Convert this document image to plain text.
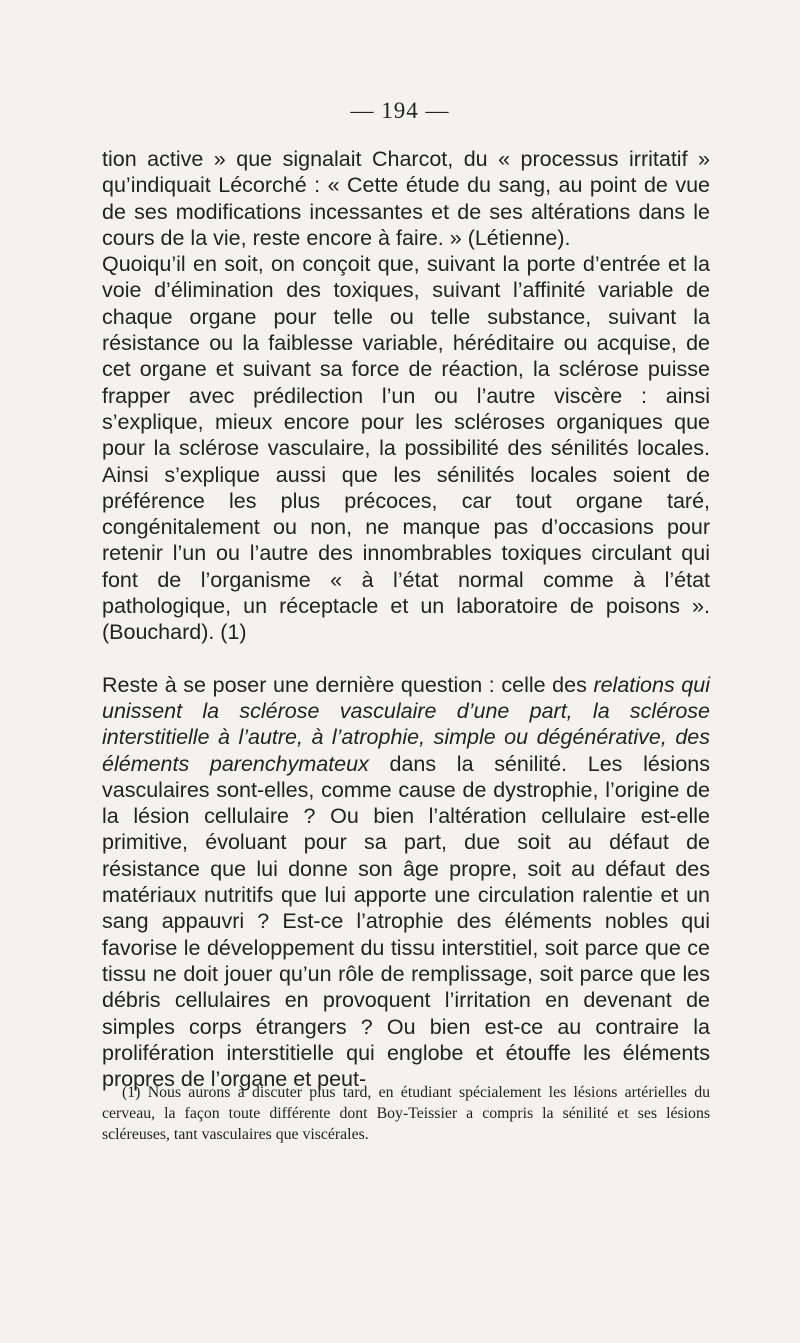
— 194 —

tion active » que signalait Charcot, du « processus irritatif » qu’indiquait Lécorché : « Cette étude du sang, au point de vue de ses modifications incessantes et de ses altérations dans le cours de la vie, reste encore à faire. » (Létienne).

Quoiqu’il en soit, on conçoit que, suivant la porte d’entrée et la voie d’élimination des toxiques, suivant l’affinité variable de chaque organe pour telle ou telle substance, suivant la résistance ou la faiblesse variable, héréditaire ou acquise, de cet organe et suivant sa force de réaction, la sclérose puisse frapper avec prédilection l’un ou l’autre viscère : ainsi s’explique, mieux encore pour les scléroses organiques que pour la sclérose vasculaire, la possibilité des sénilités locales. Ainsi s’explique aussi que les sénilités locales soient de préférence les plus précoces, car tout organe taré, congénitalement ou non, ne manque pas d’occasions pour retenir l’un ou l’autre des innombrables toxiques circulant qui font de l’organisme « à l’état normal comme à l’état pathologique, un réceptacle et un laboratoire de poisons ». (Bouchard). (1)

Reste à se poser une dernière question : celle des relations qui unissent la sclérose vasculaire d’une part, la sclérose interstitielle à l’autre, à l’atrophie, simple ou dégénérative, des éléments parenchymateux dans la sénilité. Les lésions vasculaires sont-elles, comme cause de dystrophie, l’origine de la lésion cellulaire ? Ou bien l’altération cellulaire est-elle primitive, évoluant pour sa part, due soit au défaut de résistance que lui donne son âge propre, soit au défaut des matériaux nutritifs que lui apporte une circulation ralentie et un sang appauvri ? Est-ce l’atrophie des éléments nobles qui favorise le développement du tissu interstitiel, soit parce que ce tissu ne doit jouer qu’un rôle de remplissage, soit parce que les débris cellulaires en provoquent l’irritation en devenant de simples corps étrangers ? Ou bien est-ce au contraire la prolifération interstitielle qui englobe et étouffe les éléments propres de l’organe et peut-

(1) Nous aurons à discuter plus tard, en étudiant spécialement les lésions artérielles du cerveau, la façon toute différente dont Boy-Teissier a compris la sénilité et ses lésions scléreuses, tant vasculaires que viscérales.
